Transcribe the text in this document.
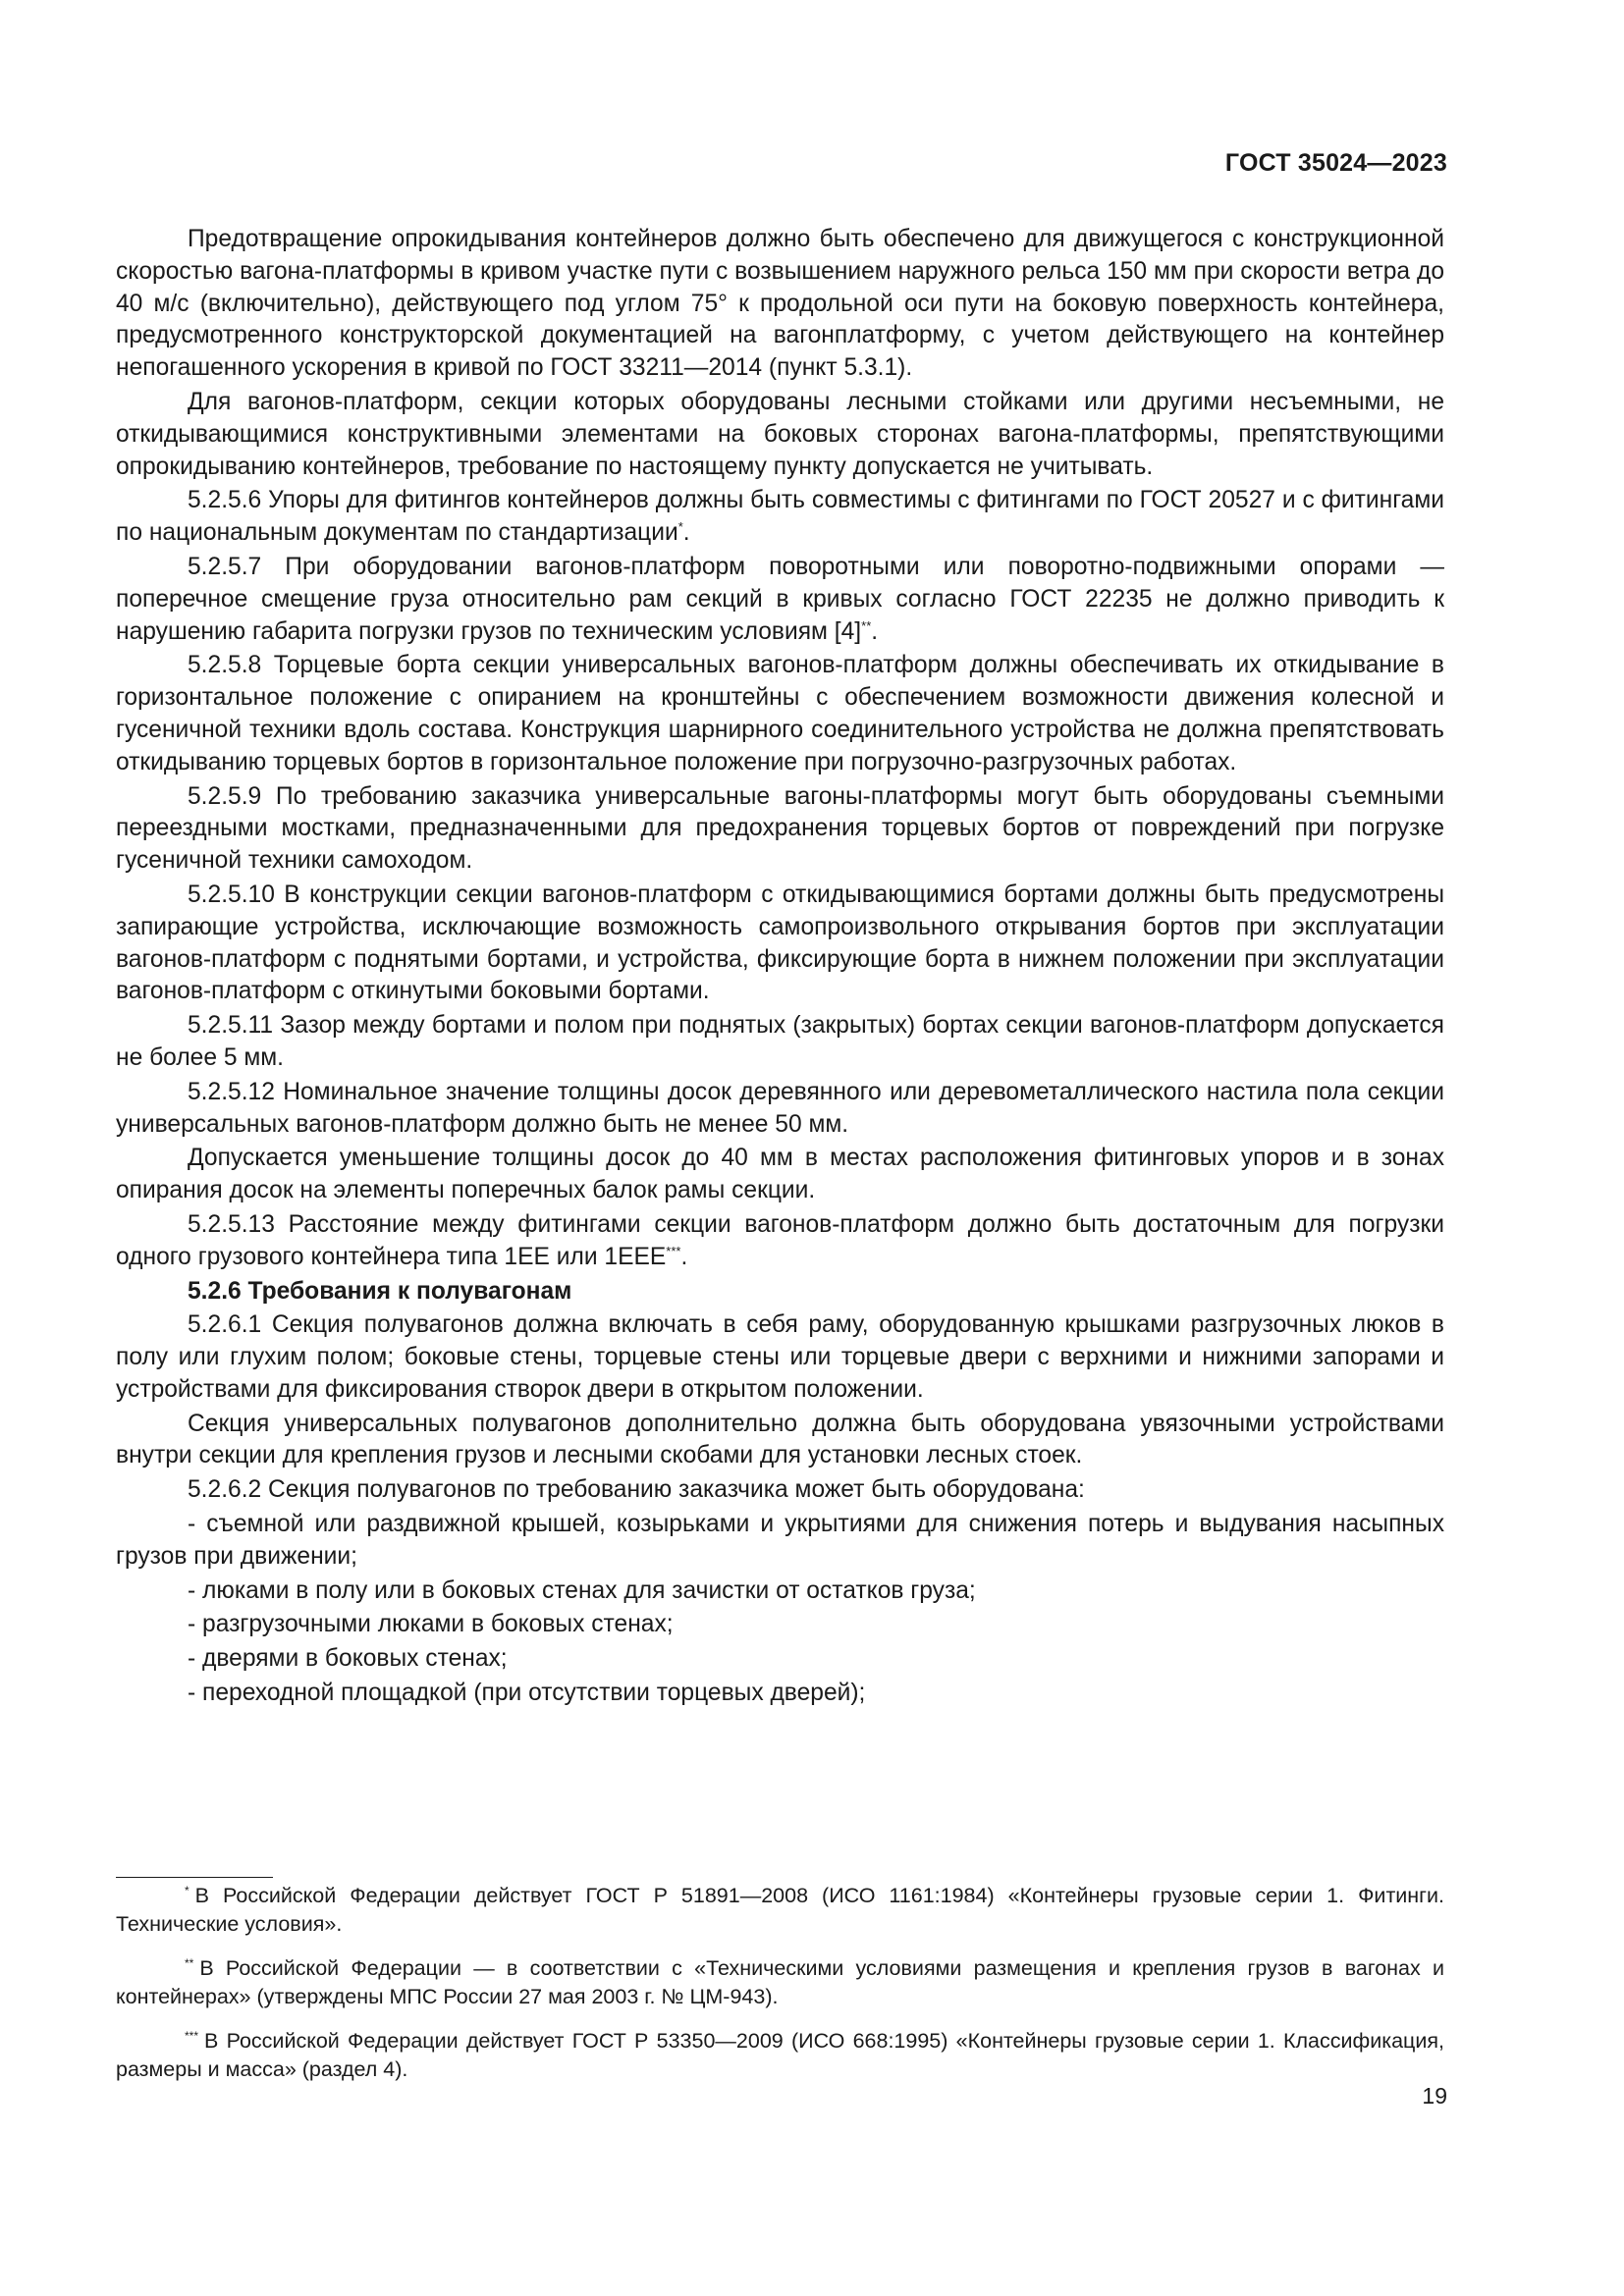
ГОСТ 35024—2023

Предотвращение опрокидывания контейнеров должно быть обеспечено для движущегося с конструкционной скоростью вагона-платформы в кривом участке пути с возвышением наружного рельса 150 мм при скорости ветра до 40 м/с (включительно), действующего под углом 75° к продольной оси пути на боковую поверхность контейнера, предусмотренного конструкторской документацией на вагонплатформу, с учетом действующего на контейнер непогашенного ускорения в кривой по ГОСТ 33211—2014 (пункт 5.3.1).

Для вагонов-платформ, секции которых оборудованы лесными стойками или другими несъемными, не откидывающимися конструктивными элементами на боковых сторонах вагона-платформы, препятствующими опрокидыванию контейнеров, требование по настоящему пункту допускается не учитывать.

5.2.5.6 Упоры для фитингов контейнеров должны быть совместимы с фитингами по ГОСТ 20527 и с фитингами по национальным документам по стандартизации*.

5.2.5.7 При оборудовании вагонов-платформ поворотными или поворотно-подвижными опорами — поперечное смещение груза относительно рам секций в кривых согласно ГОСТ 22235 не должно приводить к нарушению габарита погрузки грузов по техническим условиям [4]**.

5.2.5.8 Торцевые борта секции универсальных вагонов-платформ должны обеспечивать их откидывание в горизонтальное положение с опиранием на кронштейны с обеспечением возможности движения колесной и гусеничной техники вдоль состава. Конструкция шарнирного соединительного устройства не должна препятствовать откидыванию торцевых бортов в горизонтальное положение при погрузочно-разгрузочных работах.

5.2.5.9 По требованию заказчика универсальные вагоны-платформы могут быть оборудованы съемными переездными мостками, предназначенными для предохранения торцевых бортов от повреждений при погрузке гусеничной техники самоходом.

5.2.5.10 В конструкции секции вагонов-платформ с откидывающимися бортами должны быть предусмотрены запирающие устройства, исключающие возможность самопроизвольного открывания бортов при эксплуатации вагонов-платформ с поднятыми бортами, и устройства, фиксирующие борта в нижнем положении при эксплуатации вагонов-платформ с откинутыми боковыми бортами.

5.2.5.11 Зазор между бортами и полом при поднятых (закрытых) бортах секции вагонов-платформ допускается не более 5 мм.

5.2.5.12 Номинальное значение толщины досок деревянного или деревометаллического настила пола секции универсальных вагонов-платформ должно быть не менее 50 мм.

Допускается уменьшение толщины досок до 40 мм в местах расположения фитинговых упоров и в зонах опирания досок на элементы поперечных балок рамы секции.

5.2.5.13 Расстояние между фитингами секции вагонов-платформ должно быть достаточным для погрузки одного грузового контейнера типа 1ЕЕ или 1ЕЕЕ***.

5.2.6 Требования к полувагонам

5.2.6.1 Секция полувагонов должна включать в себя раму, оборудованную крышками разгрузочных люков в полу или глухим полом; боковые стены, торцевые стены или торцевые двери с верхними и нижними запорами и устройствами для фиксирования створок двери в открытом положении.

Секция универсальных полувагонов дополнительно должна быть оборудована увязочными устройствами внутри секции для крепления грузов и лесными скобами для установки лесных стоек.

5.2.6.2 Секция полувагонов по требованию заказчика может быть оборудована:

- съемной или раздвижной крышей, козырьками и укрытиями для снижения потерь и выдувания насыпных грузов при движении;

- люками в полу или в боковых стенах для зачистки от остатков груза;

- разгрузочными люками в боковых стенах;

- дверями в боковых стенах;

- переходной площадкой (при отсутствии торцевых дверей);

* В Российской Федерации действует ГОСТ Р 51891—2008 (ИСО 1161:1984) «Контейнеры грузовые серии 1. Фитинги. Технические условия».

** В Российской Федерации — в соответствии с «Техническими условиями размещения и крепления грузов в вагонах и контейнерах» (утверждены МПС России 27 мая 2003 г. № ЦМ-943).

*** В Российской Федерации действует ГОСТ Р 53350—2009 (ИСО 668:1995) «Контейнеры грузовые серии 1. Классификация, размеры и масса» (раздел 4).

19
